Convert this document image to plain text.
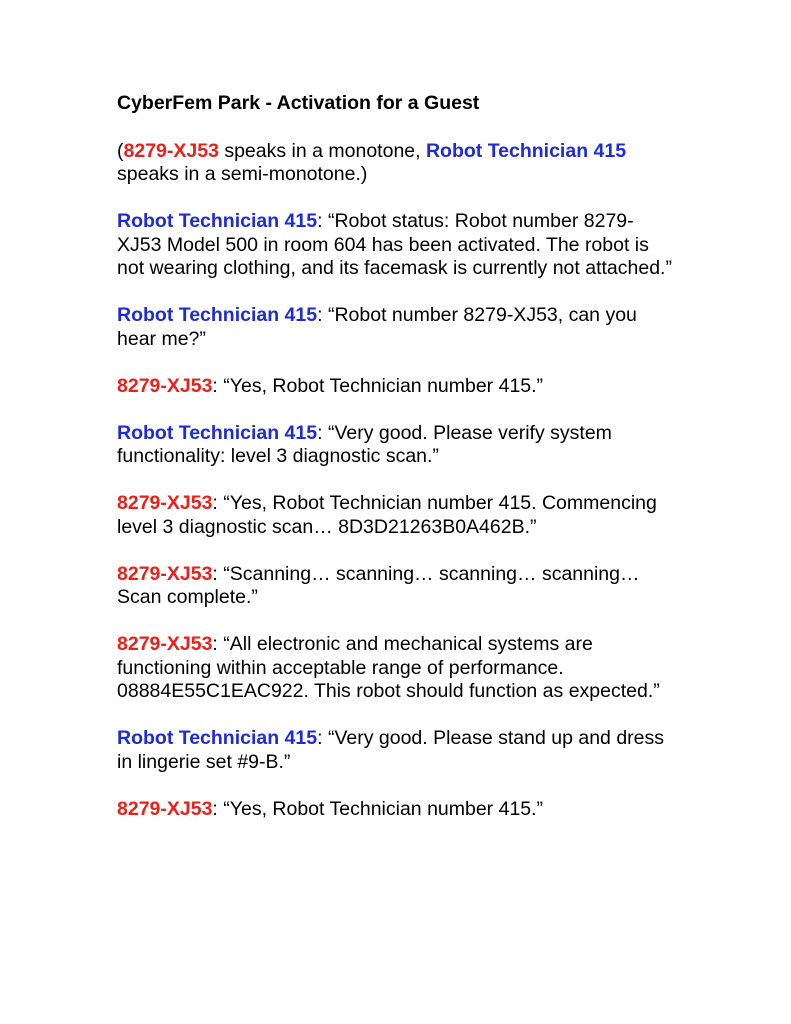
CyberFem Park - Activation for a Guest

(8279-XJ53 speaks in a monotone, Robot Technician 415 speaks in a semi-monotone.)

Robot Technician 415: “Robot status: Robot number 8279-XJ53 Model 500 in room 604 has been activated. The robot is not wearing clothing, and its facemask is currently not attached.”

Robot Technician 415: “Robot number 8279-XJ53, can you hear me?”

8279-XJ53: “Yes, Robot Technician number 415.”

Robot Technician 415: “Very good. Please verify system functionality: level 3 diagnostic scan.”

8279-XJ53: “Yes, Robot Technician number 415. Commencing level 3 diagnostic scan… 8D3D21263B0A462B.”

8279-XJ53: “Scanning… scanning… scanning… scanning… Scan complete.”

8279-XJ53: “All electronic and mechanical systems are functioning within acceptable range of performance. 08884E55C1EAC922. This robot should function as expected.”

Robot Technician 415: “Very good. Please stand up and dress in lingerie set #9-B.”

8279-XJ53: “Yes, Robot Technician number 415.”
